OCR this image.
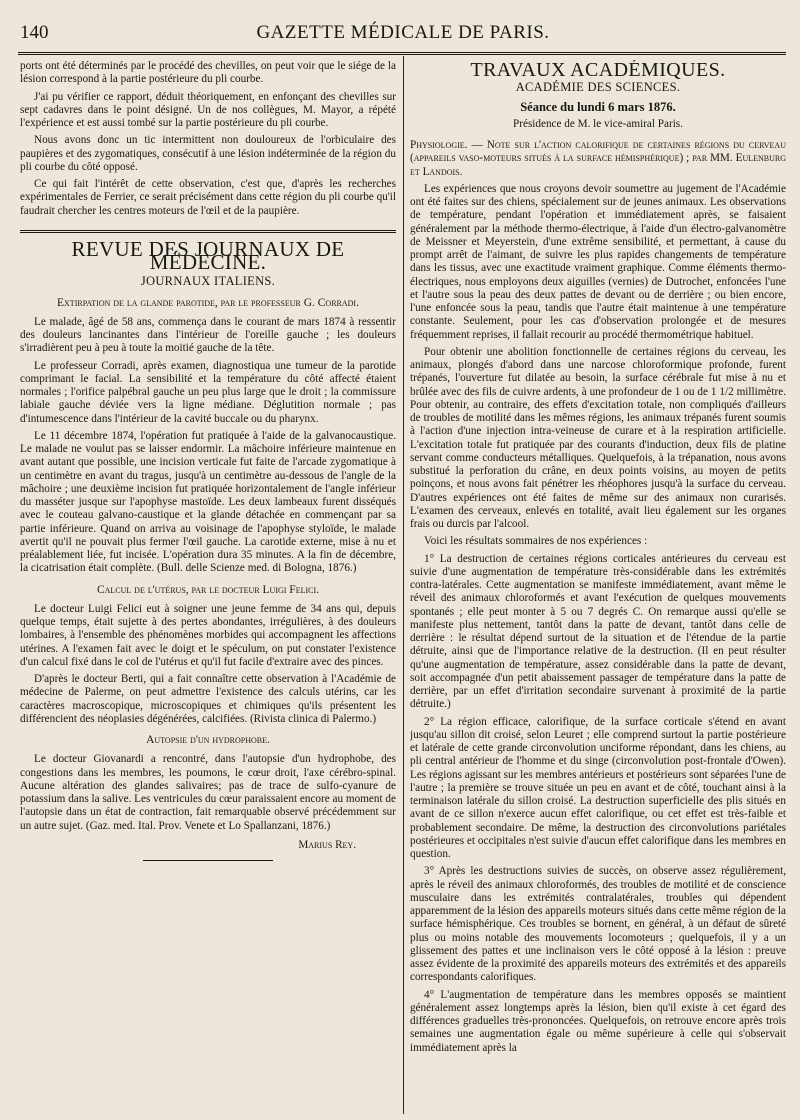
140	GAZETTE MÉDICALE DE PARIS.

ports ont été déterminés par le procédé des chevilles, on peut voir que le siége de la lésion correspond à la partie postérieure du pli courbe.

J'ai pu vérifier ce rapport, déduit théoriquement, en enfonçant des chevilles sur sept cadavres dans le point désigné. Un de nos collègues, M. Mayor, a répété l'expérience et est aussi tombé sur la partie postérieure du pli courbe.

Nous avons donc un tic intermittent non douloureux de l'orbiculaire des paupières et des zygomatiques, consécutif à une lésion indéterminée de la région du pli courbe du côté opposé.

Ce qui fait l'intérêt de cette observation, c'est que, d'après les recherches expérimentales de Ferrier, ce serait précisément dans cette région du pli courbe qu'il faudrait chercher les centres moteurs de l'œil et de la paupière.

REVUE DES JOURNAUX DE MÉDECINE.
JOURNAUX ITALIENS.

Extirpation de la glande parotide, par le professeur G. Corradi.

Le malade, âgé de 58 ans, commença dans le courant de mars 1874 à ressentir des douleurs lancinantes dans l'intérieur de l'oreille gauche ; les douleurs s'irradièrent peu à peu à toute la moitié gauche de la tête.

Le professeur Corradi, après examen, diagnostiqua une tumeur de la parotide comprimant le facial. La sensibilité et la température du côté affecté étaient normales ; l'orifice palpébral gauche un peu plus large que le droit ; la commissure labiale gauche déviée vers la ligne médiane. Déglutition normale ; pas d'intumescence dans l'intérieur de la cavité buccale ou du pharynx.

Le 11 décembre 1874, l'opération fut pratiquée à l'aide de la galvanocaustique. Le malade ne voulut pas se laisser endormir. La mâchoire inférieure maintenue en avant autant que possible, une incision verticale fut faite de l'arcade zygomatique à un centimètre en avant du tragus, jusqu'à un centimètre au-dessous de l'angle de la mâchoire ; une deuxième incision fut pratiquée horizontalement de l'angle inférieur du masséter jusque sur l'apophyse mastoïde. Les deux lambeaux furent disséqués avec le couteau galvano-caustique et la glande détachée en commençant par sa partie inférieure. Quand on arriva au voisinage de l'apophyse styloïde, le malade avertit qu'il ne pouvait plus fermer l'œil gauche. La carotide externe, mise à nu et préalablement liée, fut incisée. L'opération dura 35 minutes. A la fin de décembre, la cicatrisation était complète. (Bull. delle Scienze med. di Bologna, 1876.)

Calcul de l'utérus, par le docteur Luigi Felici.

Le docteur Luigi Felici eut à soigner une jeune femme de 34 ans qui, depuis quelque temps, était sujette à des pertes abondantes, irrégulières, à des douleurs lombaires, à l'ensemble des phénomènes morbides qui accompagnent les affections utérines. A l'examen fait avec le doigt et le spéculum, on put constater l'existence d'un calcul fixé dans le col de l'utérus et qu'il fut facile d'extraire avec des pinces.

D'après le docteur Berti, qui a fait connaître cette observation à l'Académie de médecine de Palerme, on peut admettre l'existence des calculs utérins, car les caractères macroscopique, microscopiques et chimiques qu'ils présentent les différencient des néoplasies dégénérées, calcifiées. (Rivista clinica di Palermo.)

Autopsie d'un hydrophobe.

Le docteur Giovanardi a rencontré, dans l'autopsie d'un hydrophobe, des congestions dans les membres, les poumons, le cœur droit, l'axe cérébro-spinal. Aucune altération des glandes salivaires; pas de trace de sulfo-cyanure de potassium dans la salive. Les ventricules du cœur paraissaient encore au moment de l'autopsie dans un état de contraction, fait remarquable observé précédemment sur un autre sujet. (Gaz. med. Ital. Prov. Venete et Lo Spallanzani, 1876.)

Marius Rey.

TRAVAUX ACADÉMIQUES.
ACADÉMIE DES SCIENCES.

Séance du lundi 6 mars 1876.

Présidence de M. le vice-amiral Paris.

Physiologie. — Note sur l'action calorifique de certaines régions du cerveau (appareils vaso-moteurs situés à la surface hémisphérique) ; par MM. Eulenburg et Landois.

Les expériences que nous croyons devoir soumettre au jugement de l'Académie ont été faites sur des chiens, spécialement sur de jeunes animaux. Les observations de température, pendant l'opération et immédiatement après, se faisaient généralement par la méthode thermo-électrique, à l'aide d'un électro-galvanomètre de Meissner et Meyerstein, d'une extrême sensibilité, et permettant, à cause du prompt arrêt de l'aimant, de suivre les plus rapides changements de température dans les tissus, avec une exactitude vraiment graphique. Comme éléments thermo-électriques, nous employons deux aiguilles (vernies) de Dutrochet, enfoncées l'une et l'autre sous la peau des deux pattes de devant ou de derrière ; ou bien encore, l'une enfoncée sous la peau, tandis que l'autre était maintenue à une température constante. Seulement, pour les cas d'observation prolongée et de mesures fréquemment reprises, il fallait recourir au procédé thermométrique habituel.

Pour obtenir une abolition fonctionnelle de certaines régions du cerveau, les animaux, plongés d'abord dans une narcose chloroformique profonde, furent trépanés, l'ouverture fut dilatée au besoin, la surface cérébrale fut mise à nu et brûlée avec des fils de cuivre ardents, à une profondeur de 1 ou de 1 1/2 millimètre. Pour obtenir, au contraire, des effets d'excitation totale, non compliqués d'ailleurs de troubles de motilité dans les mêmes régions, les animaux trépanés furent soumis à l'action d'une injection intra-veineuse de curare et à la respiration artificielle. L'excitation totale fut pratiquée par des courants d'induction, deux fils de platine servant comme conducteurs métalliques. Quelquefois, à la trépanation, nous avons substitué la perforation du crâne, en deux points voisins, au moyen de petits poinçons, et nous avons fait pénétrer les rhéophores jusqu'à la surface du cerveau. D'autres expériences ont été faites de même sur des animaux non curarisés. L'examen des cerveaux, enlevés en totalité, avait lieu également sur les organes frais ou durcis par l'alcool.

Voici les résultats sommaires de nos expériences :

1° La destruction de certaines régions corticales antérieures du cerveau est suivie d'une augmentation de température très-considérable dans les extrémités contra-latérales. Cette augmentation se manifeste immédiatement, avant même le réveil des animaux chloroformés et avant l'exécution de quelques mouvements spontanés ; elle peut monter à 5 ou 7 degrés C. On remarque aussi qu'elle se manifeste plus nettement, tantôt dans la patte de devant, tantôt dans celle de derrière : le résultat dépend surtout de la situation et de l'étendue de la partie détruite, ainsi que de l'importance relative de la destruction. (Il en peut résulter qu'une augmentation de température, assez considérable dans la patte de devant, soit accompagnée d'un petit abaissement passager de température dans la patte de derrière, par un effet d'irritation secondaire survenant à proximité de la partie détruite.)

2° La région efficace, calorifique, de la surface corticale s'étend en avant jusqu'au sillon dit croisé, selon Leuret ; elle comprend surtout la partie postérieure et latérale de cette grande circonvolution unciforme répondant, dans les chiens, au pli central antérieur de l'homme et du singe (circonvolution post-frontale d'Owen). Les régions agissant sur les membres antérieurs et postérieurs sont séparées l'une de l'autre ; la première se trouve située un peu en avant et de côté, touchant ainsi à la terminaison latérale du sillon croisé. La destruction superficielle des plis situés en avant de ce sillon n'exerce aucun effet calorifique, ou cet effet est très-faible et probablement secondaire. De même, la destruction des circonvolutions pariétales postérieures et occipitales n'est suivie d'aucun effet calorifique dans les membres en question.

3° Après les destructions suivies de succès, on observe assez régulièrement, après le réveil des animaux chloroformés, des troubles de motilité et de conscience musculaire dans les extrémités contralatérales, troubles qui dépendent apparemment de la lésion des appareils moteurs situés dans cette même région de la surface hémisphérique. Ces troubles se bornent, en général, à un défaut de sûreté plus ou moins notable des mouvements locomoteurs ; quelquefois, il y a un glissement des pattes et une inclinaison vers le côté opposé à la lésion : preuve assez évidente de la proximité des appareils moteurs des extrémités et des appareils correspondants calorifiques.

4° L'augmentation de température dans les membres opposés se maintient généralement assez longtemps après la lésion, bien qu'il existe à cet égard des différences graduelles très-prononcées. Quelquefois, on retrouve encore après trois semaines une augmentation égale ou même supérieure à celle qui s'observait immédiatement après la
